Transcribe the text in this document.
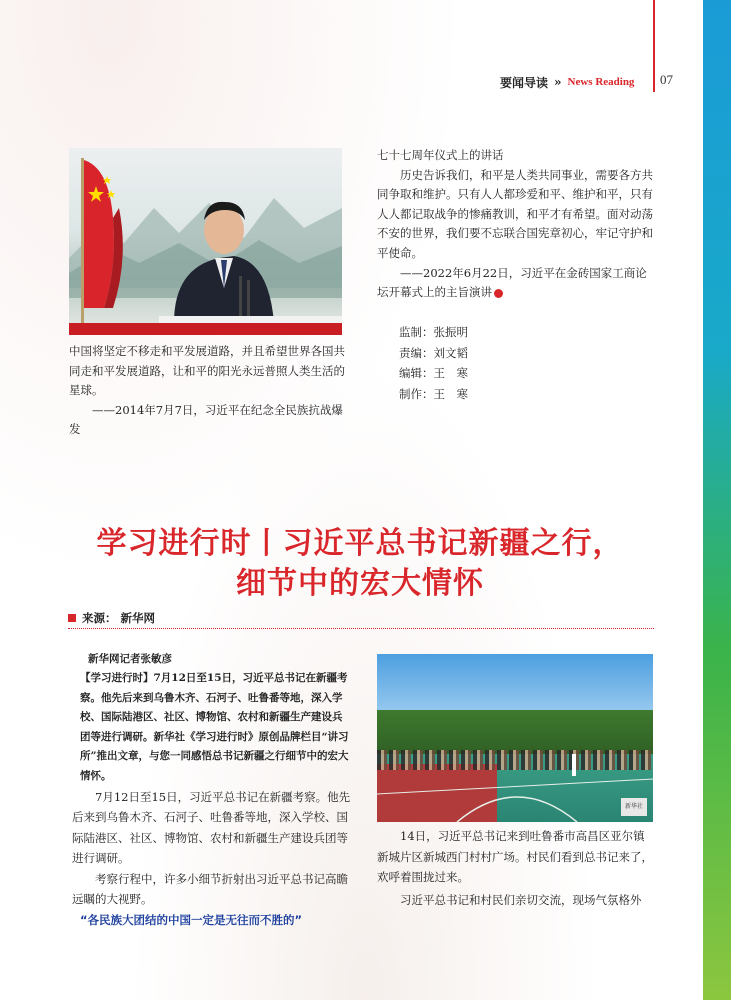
要闻导读 » News Reading 07

中国将坚定不移走和平发展道路，并且希望世界各国共同走和平发展道路，让和平的阳光永远普照人类生活的星球。

——2014年7月7日，习近平在纪念全民族抗战爆发

七十七周年仪式上的讲话

历史告诉我们，和平是人类共同事业，需要各方共同争取和维护。只有人人都珍爱和平、维护和平，只有人人都记取战争的惨痛教训，和平才有希望。面对动荡不安的世界，我们要不忘联合国宪章初心，牢记守护和平使命。

——2022年6月22日，习近平在金砖国家工商论坛开幕式上的主旨演讲

监制：张振明
责编：刘文韬
编辑：王　寒
制作：王　寒
学习进行时丨习近平总书记新疆之行，
细节中的宏大情怀
来源： 新华网

新华网记者张敏彦

【学习进行时】7月12日至15日，习近平总书记在新疆考察。他先后来到乌鲁木齐、石河子、吐鲁番等地，深入学校、国际陆港区、社区、博物馆、农村和新疆生产建设兵团等进行调研。新华社《学习进行时》原创品牌栏目“讲习所”推出文章，与您一同感悟总书记新疆之行细节中的宏大情怀。

7月12日至15日，习近平总书记在新疆考察。他先后来到乌鲁木齐、石河子、吐鲁番等地，深入学校、国际陆港区、社区、博物馆、农村和新疆生产建设兵团等进行调研。

考察行程中，许多小细节折射出习近平总书记高瞻远瞩的大视野。

“各民族大团结的中国一定是无往而不胜的”

新华社

14日，习近平总书记来到吐鲁番市高昌区亚尔镇新城片区新城西门村村广场。村民们看到总书记来了，欢呼着围拢过来。

习近平总书记和村民们亲切交流，现场气氛格外
